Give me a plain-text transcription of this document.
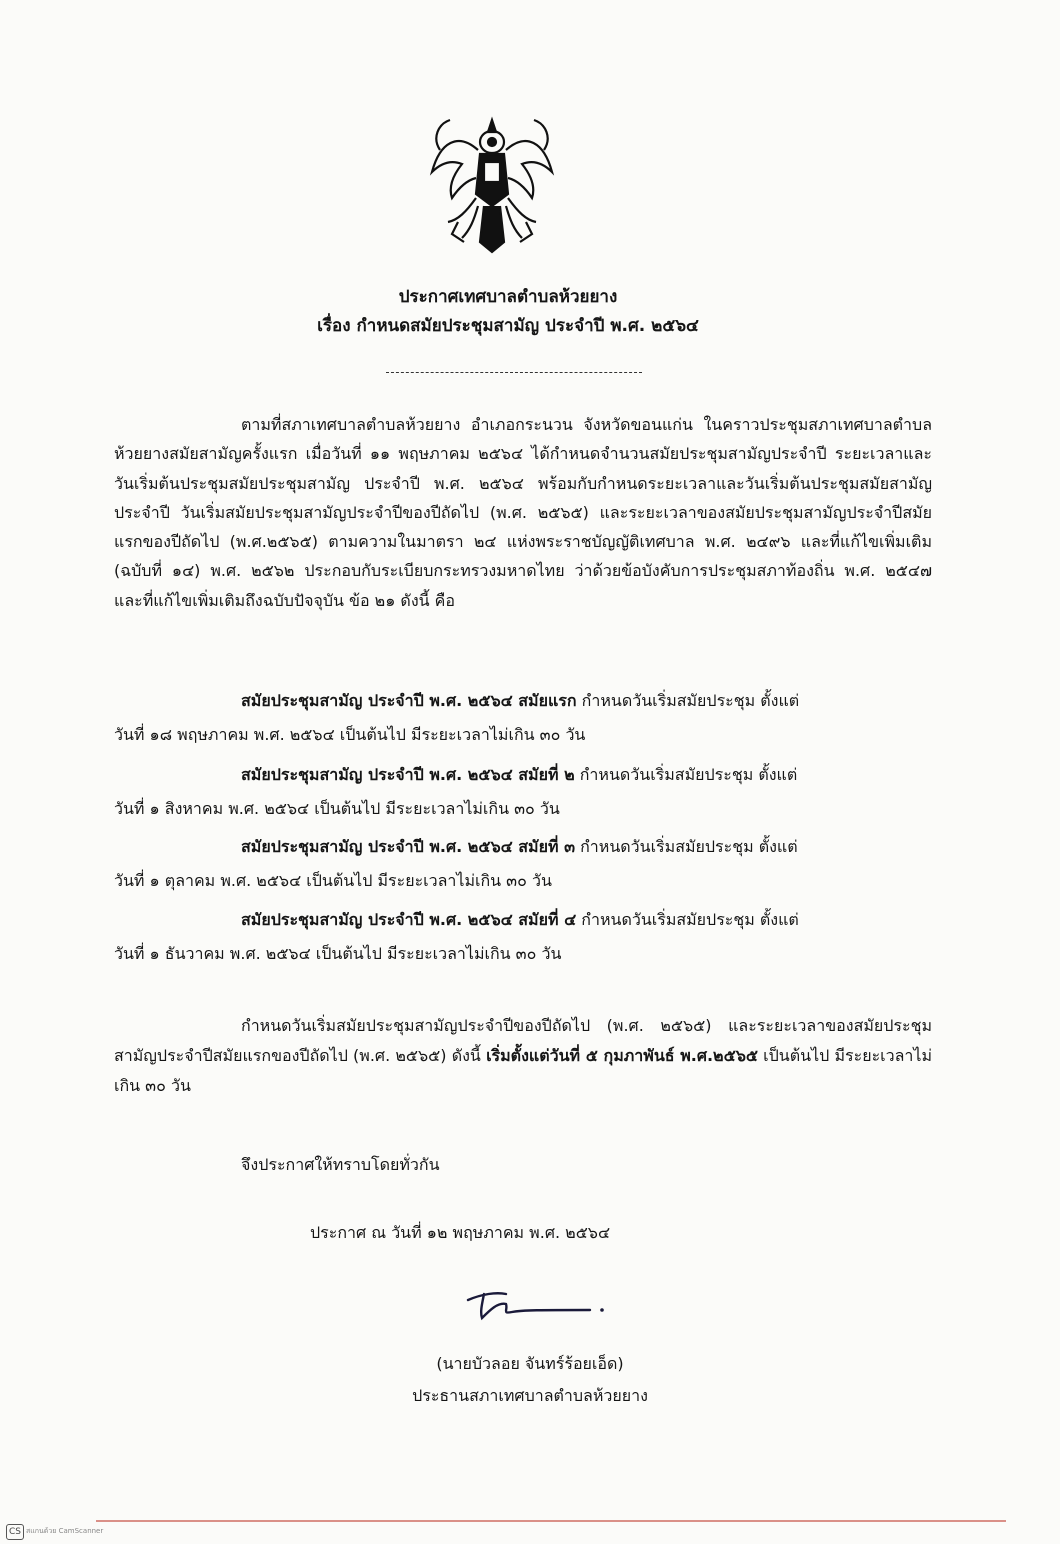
ประกาศเทศบาลตำบลห้วยยาง
เรื่อง กำหนดสมัยประชุมสามัญ ประจำปี พ.ศ. ๒๕๖๔
ตามที่สภาเทศบาลตำบลห้วยยาง อำเภอกระนวน จังหวัดขอนแก่น ในคราวประชุมสภาเทศบาลตำบลห้วยยางสมัยสามัญครั้งแรก เมื่อวันที่ ๑๑ พฤษภาคม ๒๕๖๔ ได้กำหนดจำนวนสมัยประชุมสามัญประจำปี ระยะเวลาและวันเริ่มต้นประชุมสมัยประชุมสามัญ ประจำปี พ.ศ. ๒๕๖๔ พร้อมกับกำหนดระยะเวลาและวันเริ่มต้นประชุมสมัยสามัญประจำปี วันเริ่มสมัยประชุมสามัญประจำปีของปีถัดไป (พ.ศ. ๒๕๖๕) และระยะเวลาของสมัยประชุมสามัญประจำปีสมัยแรกของปีถัดไป (พ.ศ.๒๕๖๕) ตามความในมาตรา ๒๔ แห่งพระราชบัญญัติเทศบาล พ.ศ. ๒๔๙๖ และที่แก้ไขเพิ่มเติม (ฉบับที่ ๑๔) พ.ศ. ๒๕๖๒ ประกอบกับระเบียบกระทรวงมหาดไทย ว่าด้วยข้อบังคับการประชุมสภาท้องถิ่น พ.ศ. ๒๕๔๗ และที่แก้ไขเพิ่มเติมถึงฉบับปัจจุบัน ข้อ ๒๑ ดังนี้ คือ
สมัยประชุมสามัญ ประจำปี พ.ศ. ๒๕๖๔ สมัยแรก กำหนดวันเริ่มสมัยประชุม ตั้งแต่
วันที่ ๑๘ พฤษภาคม พ.ศ. ๒๕๖๔ เป็นต้นไป มีระยะเวลาไม่เกิน ๓๐ วัน
สมัยประชุมสามัญ ประจำปี พ.ศ. ๒๕๖๔ สมัยที่ ๒ กำหนดวันเริ่มสมัยประชุม ตั้งแต่
วันที่ ๑ สิงหาคม พ.ศ. ๒๕๖๔ เป็นต้นไป มีระยะเวลาไม่เกิน ๓๐ วัน
สมัยประชุมสามัญ ประจำปี พ.ศ. ๒๕๖๔ สมัยที่ ๓ กำหนดวันเริ่มสมัยประชุม ตั้งแต่
วันที่ ๑ ตุลาคม พ.ศ. ๒๕๖๔ เป็นต้นไป มีระยะเวลาไม่เกิน ๓๐ วัน
สมัยประชุมสามัญ ประจำปี พ.ศ. ๒๕๖๔ สมัยที่ ๔ กำหนดวันเริ่มสมัยประชุม ตั้งแต่
วันที่ ๑ ธันวาคม พ.ศ. ๒๕๖๔ เป็นต้นไป มีระยะเวลาไม่เกิน ๓๐ วัน
กำหนดวันเริ่มสมัยประชุมสามัญประจำปีของปีถัดไป (พ.ศ. ๒๕๖๕) และระยะเวลาของสมัยประชุมสามัญประจำปีสมัยแรกของปีถัดไป (พ.ศ. ๒๕๖๕) ดังนี้ เริ่มตั้งแต่วันที่ ๕ กุมภาพันธ์ พ.ศ.๒๕๖๕ เป็นต้นไป มีระยะเวลาไม่เกิน ๓๐ วัน
จึงประกาศให้ทราบโดยทั่วกัน
ประกาศ ณ วันที่ ๑๒ พฤษภาคม พ.ศ. ๒๕๖๔
(นายบัวลอย จันทร์ร้อยเอ็ด)
ประธานสภาเทศบาลตำบลห้วยยาง
CS สแกนด้วย CamScanner
